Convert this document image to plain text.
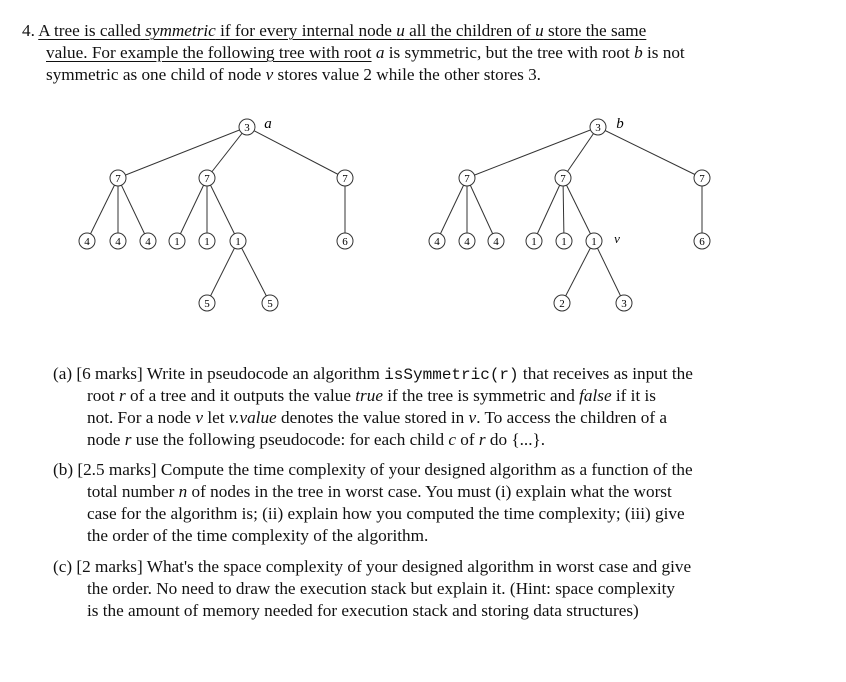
4. A tree is called symmetric if for every internal node u all the children of u store the same
value. For example the following tree with root a is symmetric, but the tree with root b is not
symmetric as one child of node v stores value 2 while the other stores 3.
3 a
7	7	7
4 4 4 1 1 1	6
5	5
3 b
7	7	7
4 4 4	1 1 1 v	6
2	3
(a) [6 marks] Write in pseudocode an algorithm isSymmetric(r) that receives as input the
root r of a tree and it outputs the value true if the tree is symmetric and false if it is
not. For a node v let v.value denotes the value stored in v. To access the children of a
node r use the following pseudocode: for each child c of r do {...}.
(b) [2.5 marks] Compute the time complexity of your designed algorithm as a function of the
total number n of nodes in the tree in worst case. You must (i) explain what the worst
case for the algorithm is; (ii) explain how you computed the time complexity; (iii) give
the order of the time complexity of the algorithm.
(c) [2 marks] What's the space complexity of your designed algorithm in worst case and give
the order. No need to draw the execution stack but explain it. (Hint: space complexity
is the amount of memory needed for execution stack and storing data structures)
